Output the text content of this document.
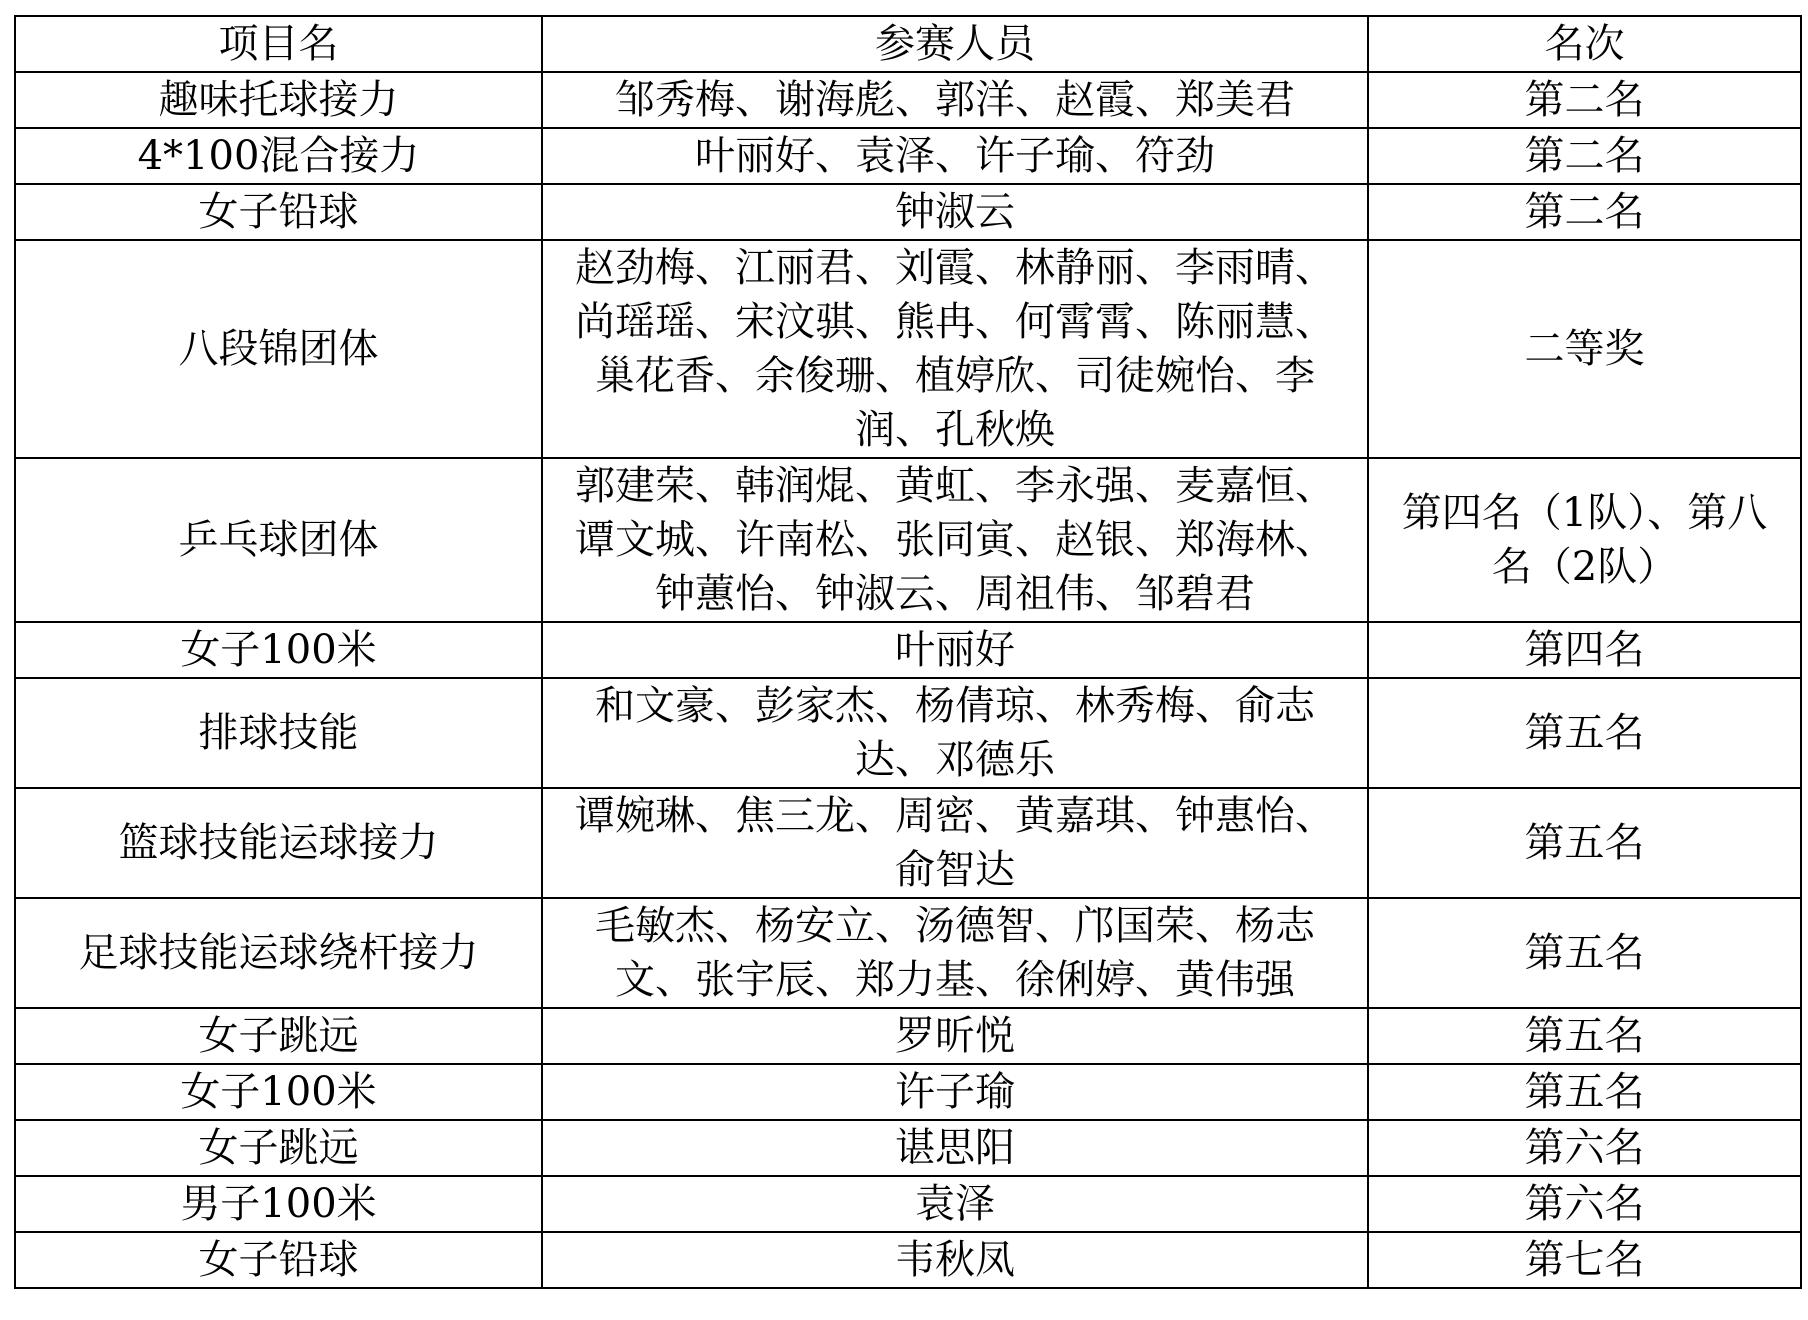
项目名	参赛人员	名次
趣味托球接力	邹秀梅、谢海彪、郭洋、赵霞、郑美君	第二名
4*100混合接力	叶丽好、袁泽、许子瑜、符劲	第二名
女子铅球	钟淑云	第二名
八段锦团体	赵劲梅、江丽君、刘霞、林静丽、李雨晴、尚瑶瑶、宋汶骐、熊冉、何霄霄、陈丽慧、巢花香、余俊珊、植婷欣、司徒婉怡、李润、孔秋焕	二等奖
乒乓球团体	郭建荣、韩润焜、黄虹、李永强、麦嘉恒、谭文城、许南松、张同寅、赵银、郑海林、钟蕙怡、钟淑云、周祖伟、邹碧君	第四名（1队）、第八名（2队）
女子100米	叶丽好	第四名
排球技能	和文豪、彭家杰、杨倩琼、林秀梅、俞志达、邓德乐	第五名
篮球技能运球接力	谭婉琳、焦三龙、周密、黄嘉琪、钟惠怡、俞智达	第五名
足球技能运球绕杆接力	毛敏杰、杨安立、汤德智、邝国荣、杨志文、张宇辰、郑力基、徐俐婷、黄伟强	第五名
女子跳远	罗昕悦	第五名
女子100米	许子瑜	第五名
女子跳远	谌思阳	第六名
男子100米	袁泽	第六名
女子铅球	韦秋凤	第七名
